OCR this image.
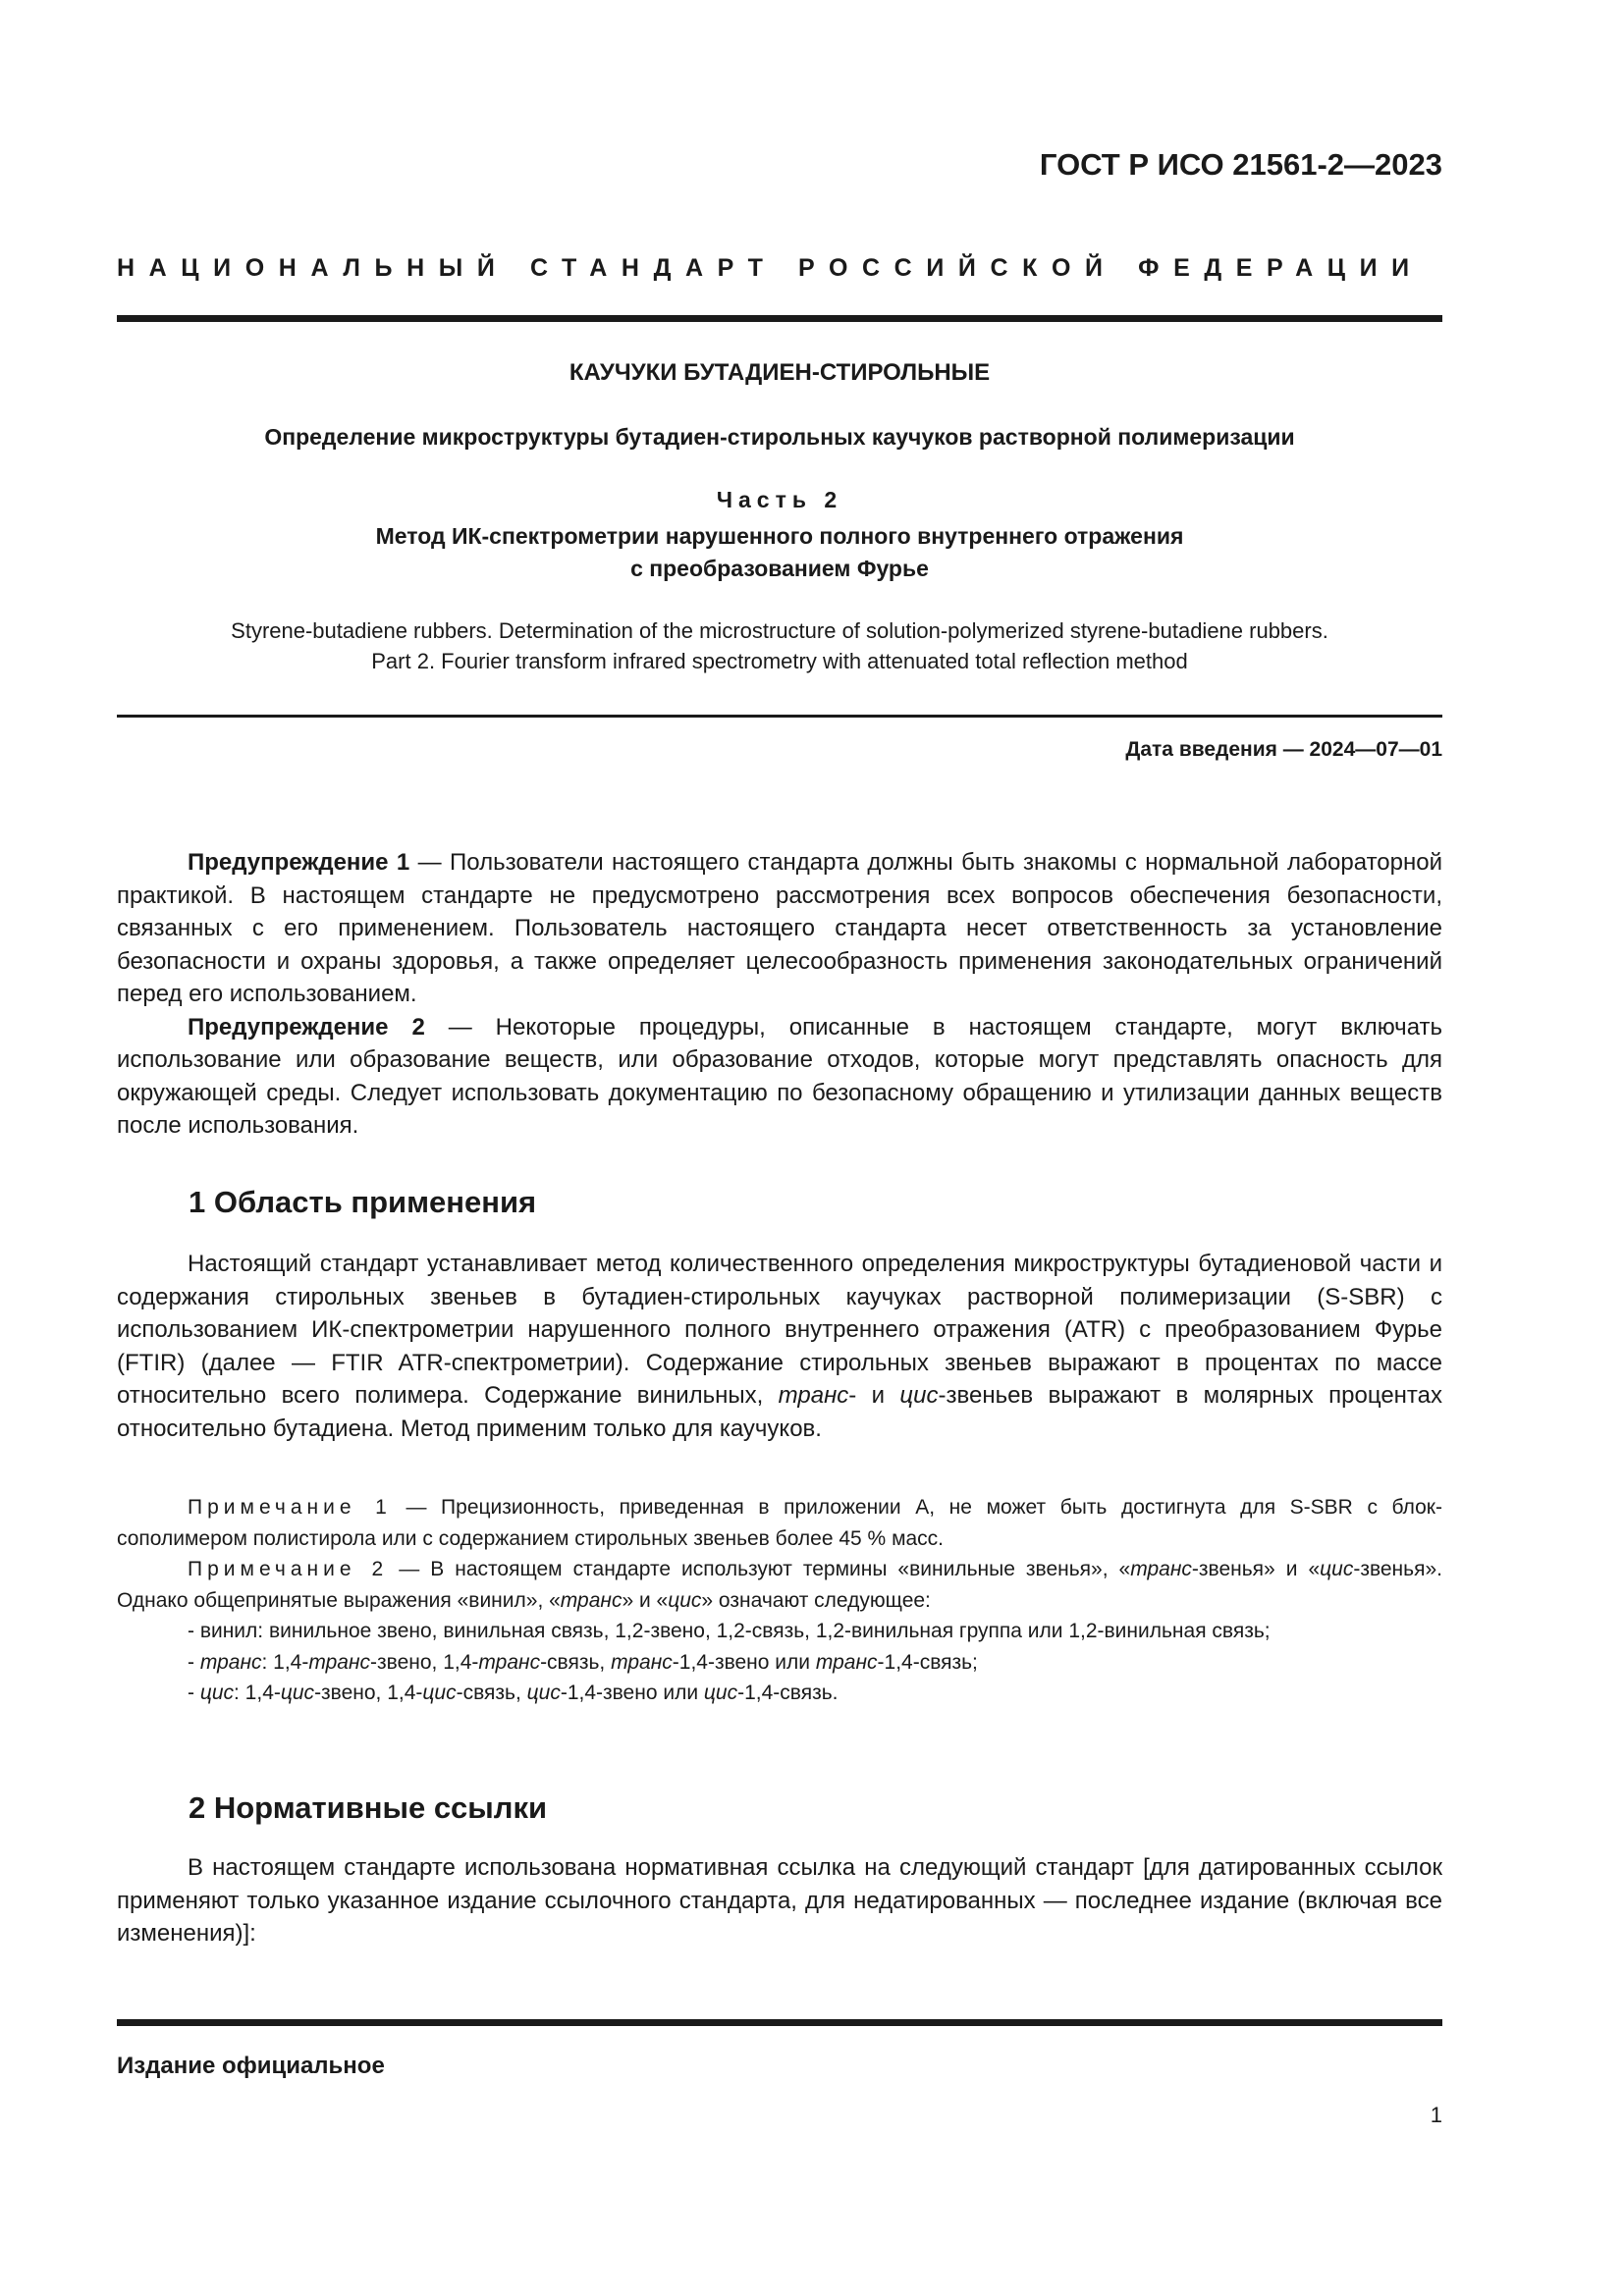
ГОСТ Р ИСО 21561-2—2023
НАЦИОНАЛЬНЫЙ СТАНДАРТ РОССИЙСКОЙ ФЕДЕРАЦИИ
КАУЧУКИ БУТАДИЕН-СТИРОЛЬНЫЕ
Определение микроструктуры бутадиен-стирольных каучуков растворной полимеризации
Часть 2
Метод ИК-спектрометрии нарушенного полного внутреннего отражения
с преобразованием Фурье
Styrene-butadiene rubbers. Determination of the microstructure of solution-polymerized styrene-butadiene rubbers.
Part 2. Fourier transform infrared spectrometry with attenuated total reflection method
Дата введения — 2024—07—01

Предупреждение 1 — Пользователи настоящего стандарта должны быть знакомы с нормальной лабораторной практикой. В настоящем стандарте не предусмотрено рассмотрения всех вопросов обеспечения безопасности, связанных с его применением. Пользователь настоящего стандарта несет ответственность за установление безопасности и охраны здоровья, а также определяет целесообразность применения законодательных ограничений перед его использованием.

Предупреждение 2 — Некоторые процедуры, описанные в настоящем стандарте, могут включать использование или образование веществ, или образование отходов, которые могут представлять опасность для окружающей среды. Следует использовать документацию по безопасному обращению и утилизации данных веществ после использования.

1 Область применения

Настоящий стандарт устанавливает метод количественного определения микроструктуры бутадиеновой части и содержания стирольных звеньев в бутадиен-стирольных каучуках растворной полимеризации (S-SBR) с использованием ИК-спектрометрии нарушенного полного внутреннего отражения (ATR) с преобразованием Фурье (FTIR) (далее — FTIR ATR-спектрометрии). Содержание стирольных звеньев выражают в процентах по массе относительно всего полимера. Содержание винильных, транс- и цис-звеньев выражают в молярных процентах относительно бутадиена. Метод применим только для каучуков.

Примечание 1 — Прецизионность, приведенная в приложении А, не может быть достигнута для S-SBR с блок-сополимером полистирола или с содержанием стирольных звеньев более 45 % масс.

Примечание 2 — В настоящем стандарте используют термины «винильные звенья», «транс-звенья» и «цис-звенья». Однако общепринятые выражения «винил», «транс» и «цис» означают следующее:

- винил: винильное звено, винильная связь, 1,2-звено, 1,2-связь, 1,2-винильная группа или 1,2-винильная связь;

- транс: 1,4-транс-звено, 1,4-транс-связь, транс-1,4-звено или транс-1,4-связь;

- цис: 1,4-цис-звено, 1,4-цис-связь, цис-1,4-звено или цис-1,4-связь.

2 Нормативные ссылки

В настоящем стандарте использована нормативная ссылка на следующий стандарт [для датированных ссылок применяют только указанное издание ссылочного стандарта, для недатированных — последнее издание (включая все изменения)]:

Издание официальное
1
